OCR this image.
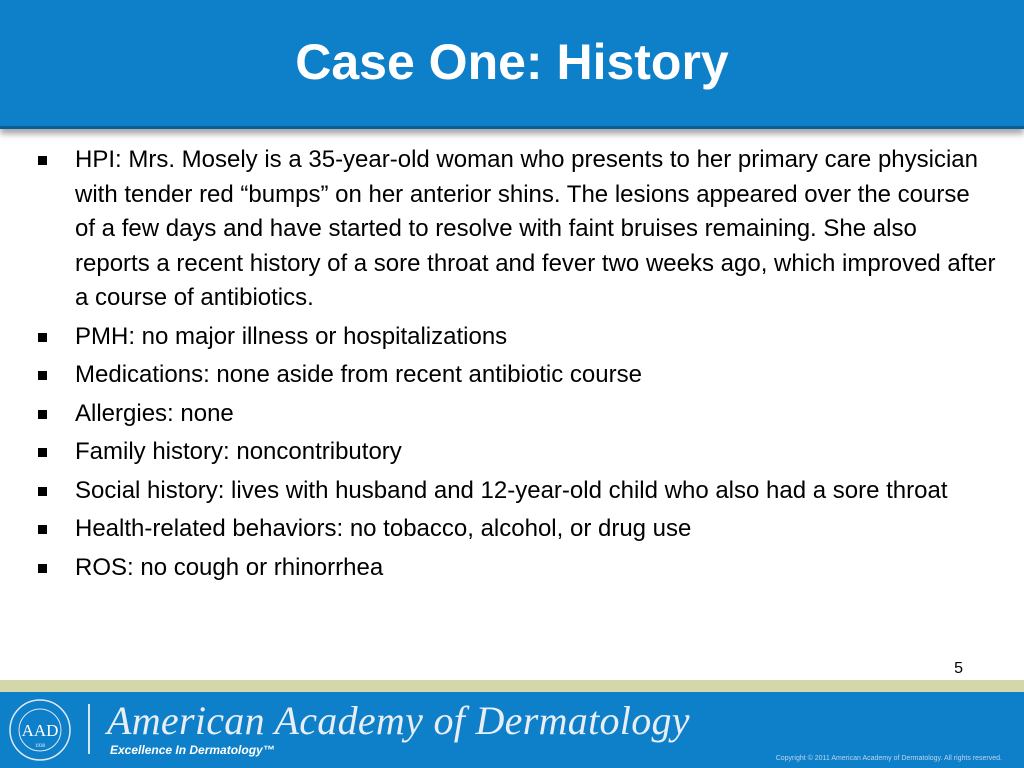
Case One: History
HPI: Mrs. Mosely is a 35-year-old woman who presents to her primary care physician with tender red “bumps” on her anterior shins. The lesions appeared over the course of a few days and have started to resolve with faint bruises remaining. She also reports a recent history of a sore throat and fever two weeks ago, which improved after a course of antibiotics.
PMH: no major illness or hospitalizations
Medications: none aside from recent antibiotic course
Allergies: none
Family history: noncontributory
Social history: lives with husband and 12-year-old child who also had a sore throat
Health-related behaviors: no tobacco, alcohol, or drug use
ROS: no cough or rhinorrhea
5
AAD
1938
American Academy of Dermatology
Excellence In Dermatology™
Copyright © 2011 American Academy of Dermatology. All rights reserved.
